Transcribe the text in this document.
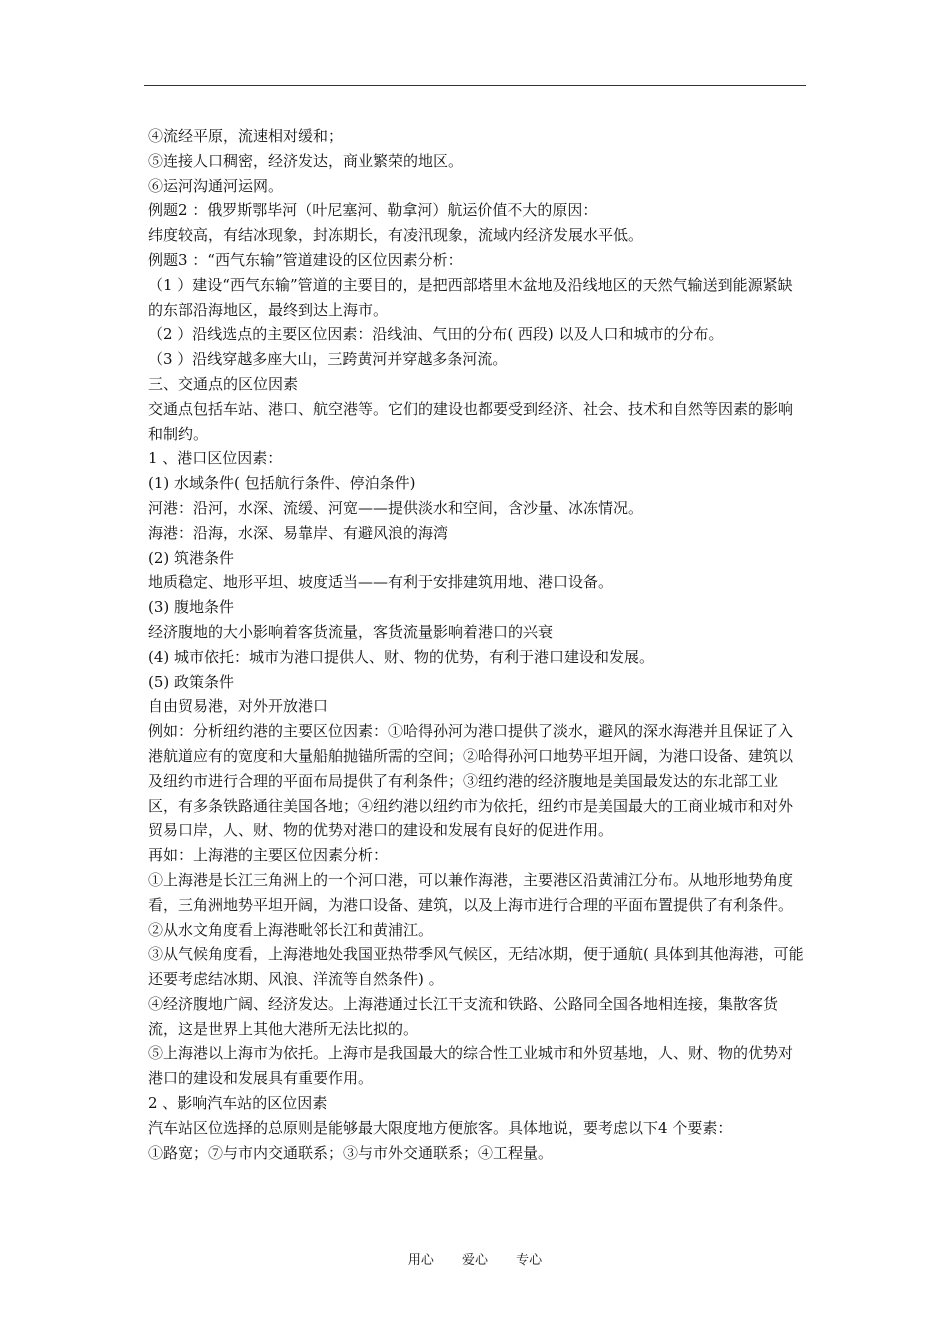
④流经平原，流速相对缓和；

⑤连接人口稠密，经济发达，商业繁荣的地区。

⑥运河沟通河运网。

例题2 ：俄罗斯鄂毕河（叶尼塞河、勒拿河）航运价值不大的原因：

纬度较高，有结冰现象，封冻期长，有凌汛现象，流域内经济发展水平低。

例题3 ：“西气东输”管道建设的区位因素分析：

（1 ）建设“西气东输”管道的主要目的，是把西部塔里木盆地及沿线地区的天然气输送到能源紧缺的东部沿海地区，最终到达上海市。

（2 ）沿线选点的主要区位因素：沿线油、气田的分布( 西段) 以及人口和城市的分布。

（3 ）沿线穿越多座大山，三跨黄河并穿越多条河流。

三、交通点的区位因素

交通点包括车站、港口、航空港等。它们的建设也都要受到经济、社会、技术和自然等因素的影响和制约。

1 、港口区位因素：

(1) 水域条件( 包括航行条件、停泊条件)

河港：沿河，水深、流缓、河宽——提供淡水和空间，含沙量、冰冻情况。

海港：沿海，水深、易靠岸、有避风浪的海湾

(2) 筑港条件

地质稳定、地形平坦、坡度适当——有利于安排建筑用地、港口设备。

(3) 腹地条件

经济腹地的大小影响着客货流量，客货流量影响着港口的兴衰

(4) 城市依托：城市为港口提供人、财、物的优势，有利于港口建设和发展。

(5) 政策条件

自由贸易港，对外开放港口

例如：分析纽约港的主要区位因素：①哈得孙河为港口提供了淡水，避风的深水海港并且保证了入港航道应有的宽度和大量船舶抛锚所需的空间；②哈得孙河口地势平坦开阔，为港口设备、建筑以及纽约市进行合理的平面布局提供了有利条件；③纽约港的经济腹地是美国最发达的东北部工业区，有多条铁路通往美国各地；④纽约港以纽约市为依托，纽约市是美国最大的工商业城市和对外贸易口岸，人、财、物的优势对港口的建设和发展有良好的促进作用。

再如：上海港的主要区位因素分析：

①上海港是长江三角洲上的一个河口港，可以兼作海港，主要港区沿黄浦江分布。从地形地势角度看，三角洲地势平坦开阔，为港口设备、建筑，以及上海市进行合理的平面布置提供了有利条件。

②从水文角度看上海港毗邻长江和黄浦江。

③从气候角度看，上海港地处我国亚热带季风气候区，无结冰期，便于通航( 具体到其他海港，可能还要考虑结冰期、风浪、洋流等自然条件) 。

④经济腹地广阔、经济发达。上海港通过长江干支流和铁路、公路同全国各地相连接，集散客货流，这是世界上其他大港所无法比拟的。

⑤上海港以上海市为依托。上海市是我国最大的综合性工业城市和外贸基地，人、财、物的优势对港口的建设和发展具有重要作用。

2 、影响汽车站的区位因素

汽车站区位选择的总原则是能够最大限度地方便旅客。具体地说，要考虑以下4 个要素：

①路宽；⑦与市内交通联系；③与市外交通联系；④工程量。

用心 爱心 专心
